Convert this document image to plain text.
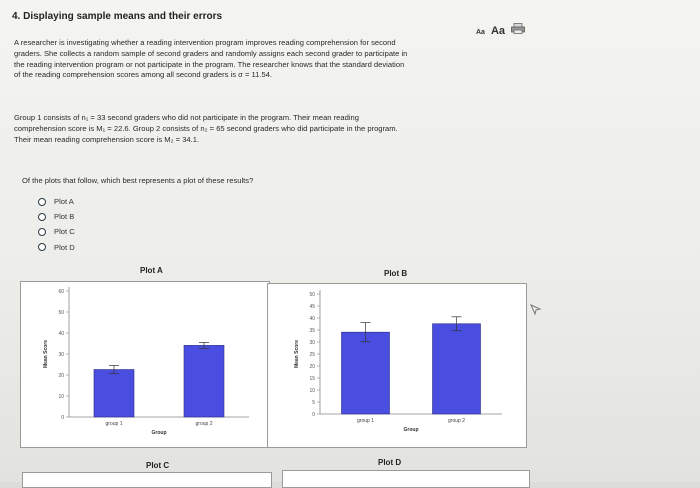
4. Displaying sample means and their errors
Aa Aa
A researcher is investigating whether a reading intervention program improves reading comprehension for second
graders. She collects a random sample of second graders and randomly assigns each second grader to participate in
the reading intervention program or not participate in the program. The researcher knows that the standard deviation
of the reading comprehension scores among all second graders is σ = 11.54.
Group 1 consists of n₁ = 33 second graders who did not participate in the program. Their mean reading
comprehension score is M₁ = 22.6. Group 2 consists of n₂ = 65 second graders who did participate in the program.
Their mean reading comprehension score is M₂ = 34.1.
Of the plots that follow, which best represents a plot of these results?
Plot A
Plot B
Plot C
Plot D
Plot A
0
10
20
30
40
50
60
group 1	group 2
Group
Mean Score
Plot B
0
5
10
15
20
25
30
35
40
45
50
group 1	group 2
Group
Mean Score
Plot C	Plot D
